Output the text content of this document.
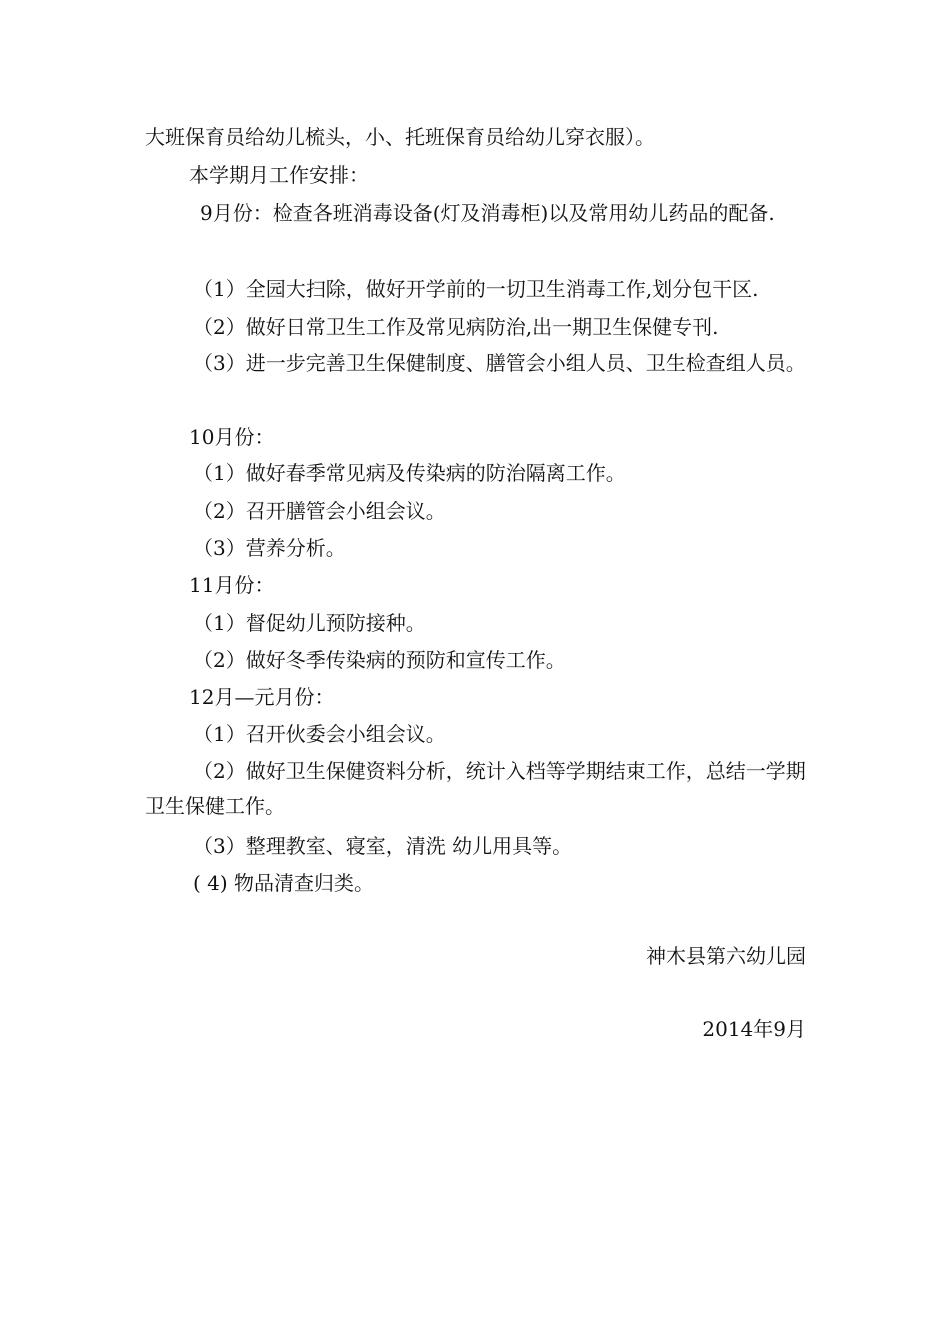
大班保育员给幼儿梳头，小、托班保育员给幼儿穿衣服）。
本学期月工作安排：
9月份：检查各班消毒设备(灯及消毒柜)以及常用幼儿药品的配备.
（1）全园大扫除，做好开学前的一切卫生消毒工作,划分包干区.
（2）做好日常卫生工作及常见病防治,出一期卫生保健专刊.
（3）进一步完善卫生保健制度、膳管会小组人员、卫生检查组人员。
10月份：
（1）做好春季常见病及传染病的防治隔离工作。
（2）召开膳管会小组会议。
（3）营养分析。
11月份：
（1）督促幼儿预防接种。
（2）做好冬季传染病的预防和宣传工作。
12月—元月份：
（1）召开伙委会小组会议。
（2）做好卫生保健资料分析，统计入档等学期结束工作，总结一学期卫生保健工作。
（3）整理教室、寝室，清洗 幼儿用具等。
( 4) 物品清查归类。
神木县第六幼儿园
2014年9月
